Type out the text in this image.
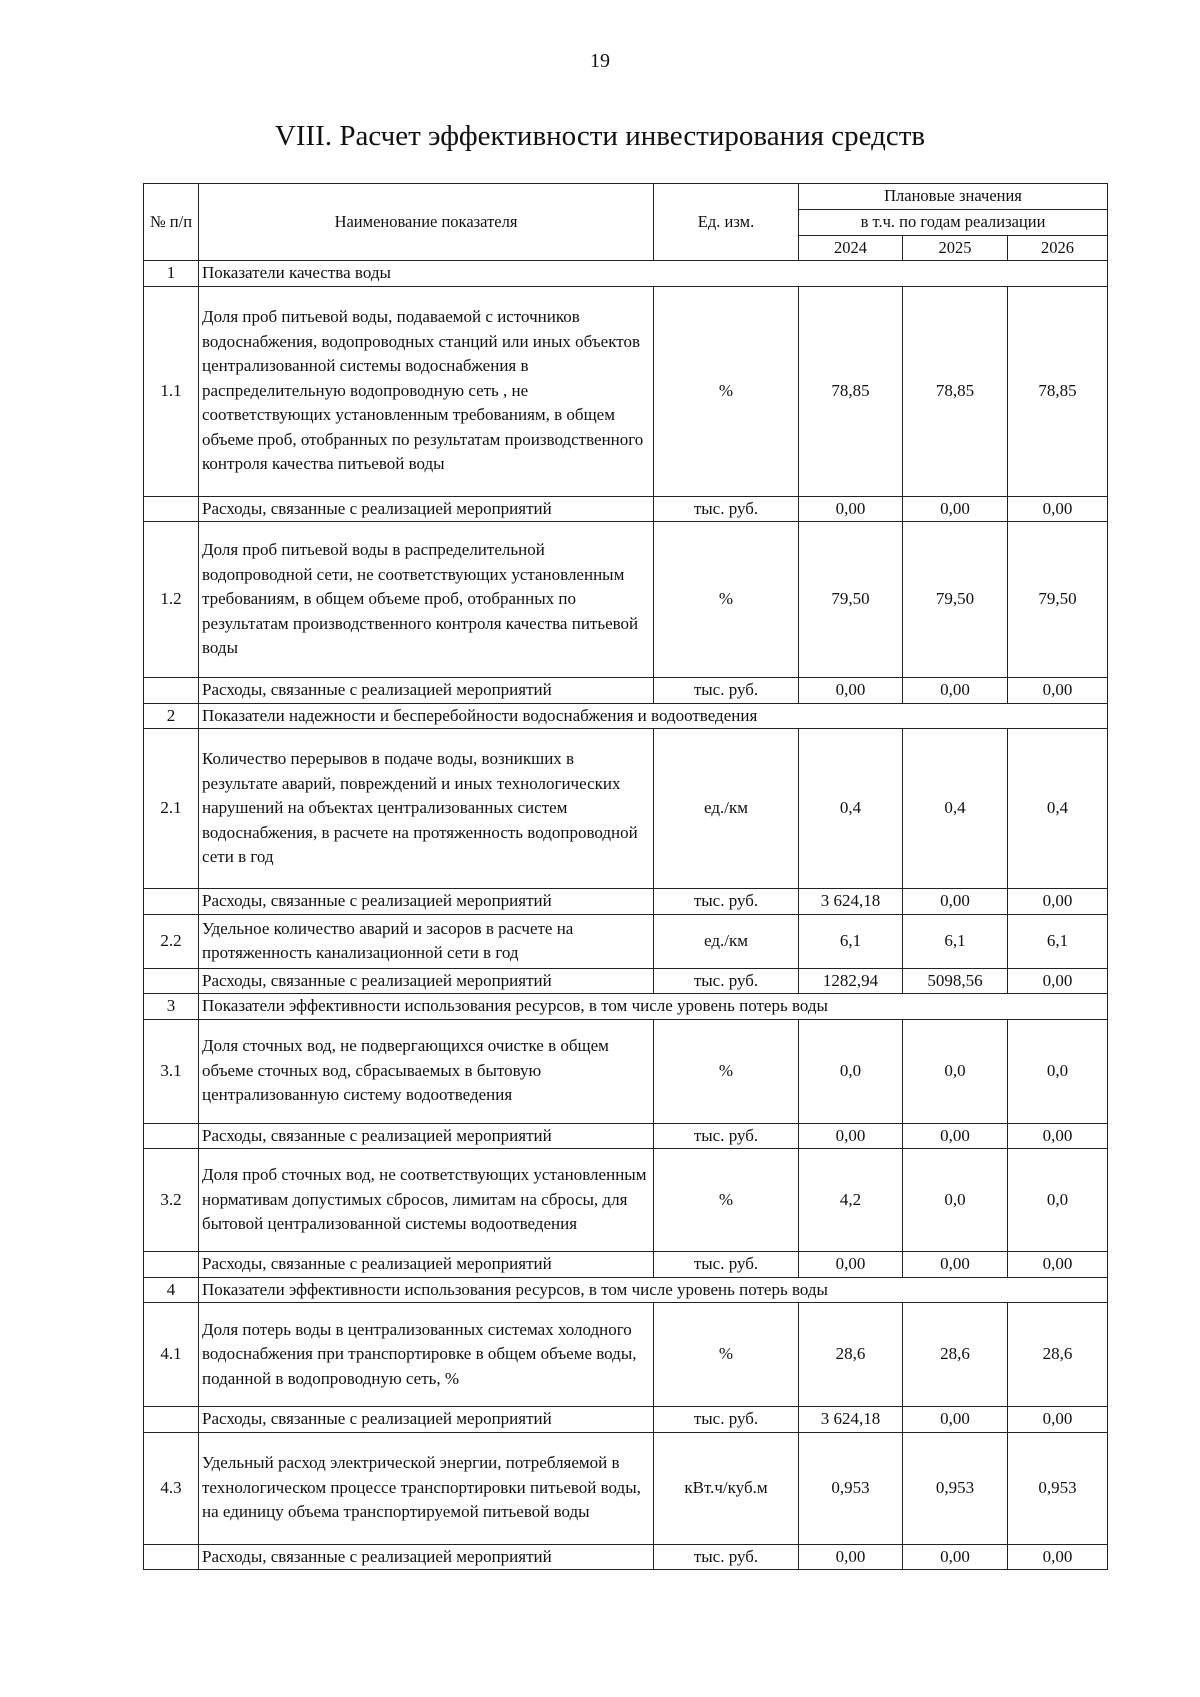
19
VIII. Расчет эффективности инвестирования средств
№ п/п	Наименование показателя	Ед. изм.	Плановые значения		
			в т.ч. по годам реализации		
			2024	2025	2026
1	Показатели качества воды				
1.1	Доля проб питьевой воды, подаваемой с источников водоснабжения, водопроводных станций или иных объектов централизованной системы водоснабжения в распределительную водопроводную сеть , не соответствующих установленным требованиям, в общем объеме проб, отобранных по результатам производственного контроля качества питьевой воды	%	78,85	78,85	78,85
	Расходы, связанные с реализацией мероприятий	тыс. руб.	0,00	0,00	0,00
1.2	Доля проб питьевой воды в распределительной водопроводной сети, не соответствующих установленным требованиям, в общем объеме проб, отобранных по результатам производственного контроля качества питьевой воды	%	79,50	79,50	79,50
	Расходы, связанные с реализацией мероприятий	тыс. руб.	0,00	0,00	0,00
2	Показатели надежности и бесперебойности водоснабжения и водоотведения				
2.1	Количество перерывов в подаче воды, возникших в результате аварий, повреждений и иных технологических нарушений на объектах централизованных систем водоснабжения, в расчете на протяженность водопроводной сети в год	ед./км	0,4	0,4	0,4
	Расходы, связанные с реализацией мероприятий	тыс. руб.	3 624,18	0,00	0,00
2.2	Удельное количество аварий и засоров в расчете на протяженность канализационной сети в год	ед./км	6,1	6,1	6,1
	Расходы, связанные с реализацией мероприятий	тыс. руб.	1282,94	5098,56	0,00
3	Показатели эффективности использования ресурсов, в том числе уровень потерь воды				
3.1	Доля сточных вод, не подвергающихся очистке в общем объеме сточных вод, сбрасываемых в бытовую централизованную систему водоотведения	%	0,0	0,0	0,0
	Расходы, связанные с реализацией мероприятий	тыс. руб.	0,00	0,00	0,00
3.2	Доля проб сточных вод, не соответствующих установленным нормативам допустимых сбросов, лимитам на сбросы, для бытовой централизованной системы водоотведения	%	4,2	0,0	0,0
	Расходы, связанные с реализацией мероприятий	тыс. руб.	0,00	0,00	0,00
4	Показатели эффективности использования ресурсов, в том числе уровень потерь воды				
4.1	Доля потерь воды в централизованных системах холодного водоснабжения при транспортировке в общем объеме воды, поданной в водопроводную сеть, %	%	28,6	28,6	28,6
	Расходы, связанные с реализацией мероприятий	тыс. руб.	3 624,18	0,00	0,00
4.3	Удельный расход электрической энергии, потребляемой в технологическом процессе транспортировки питьевой воды, на единицу объема транспортируемой питьевой воды	кВт.ч/куб.м	0,953	0,953	0,953
	Расходы, связанные с реализацией мероприятий	тыс. руб.	0,00	0,00	0,00
